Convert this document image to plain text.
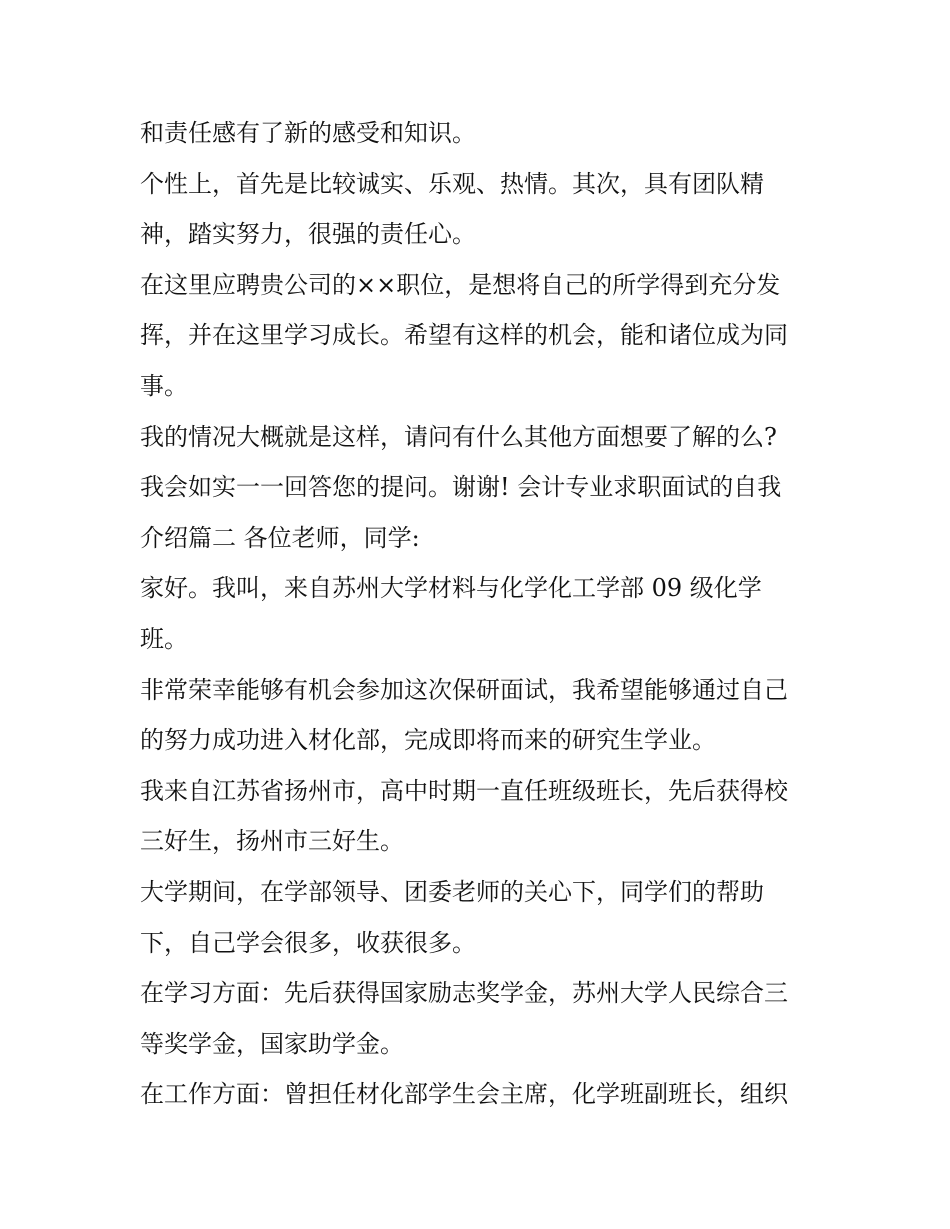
和责任感有了新的感受和知识。
个性上，首先是比较诚实、乐观、热情。其次，具有团队精
神，踏实努力，很强的责任心。
在这里应聘贵公司的××职位，是想将自己的所学得到充分发
挥，并在这里学习成长。希望有这样的机会，能和诸位成为同
事。
我的情况大概就是这样，请问有什么其他方面想要了解的么?
我会如实一一回答您的提问。谢谢! 会计专业求职面试的自我
介绍篇二 各位老师，同学:
家好。我叫，来自苏州大学材料与化学化工学部 09 级化学
班。
非常荣幸能够有机会参加这次保研面试，我希望能够通过自己
的努力成功进入材化部，完成即将而来的研究生学业。
我来自江苏省扬州市，高中时期一直任班级班长，先后获得校
三好生，扬州市三好生。
大学期间，在学部领导、团委老师的关心下，同学们的帮助
下，自己学会很多，收获很多。
在学习方面：先后获得国家励志奖学金，苏州大学人民综合三
等奖学金，国家助学金。
在工作方面：曾担任材化部学生会主席，化学班副班长，组织
